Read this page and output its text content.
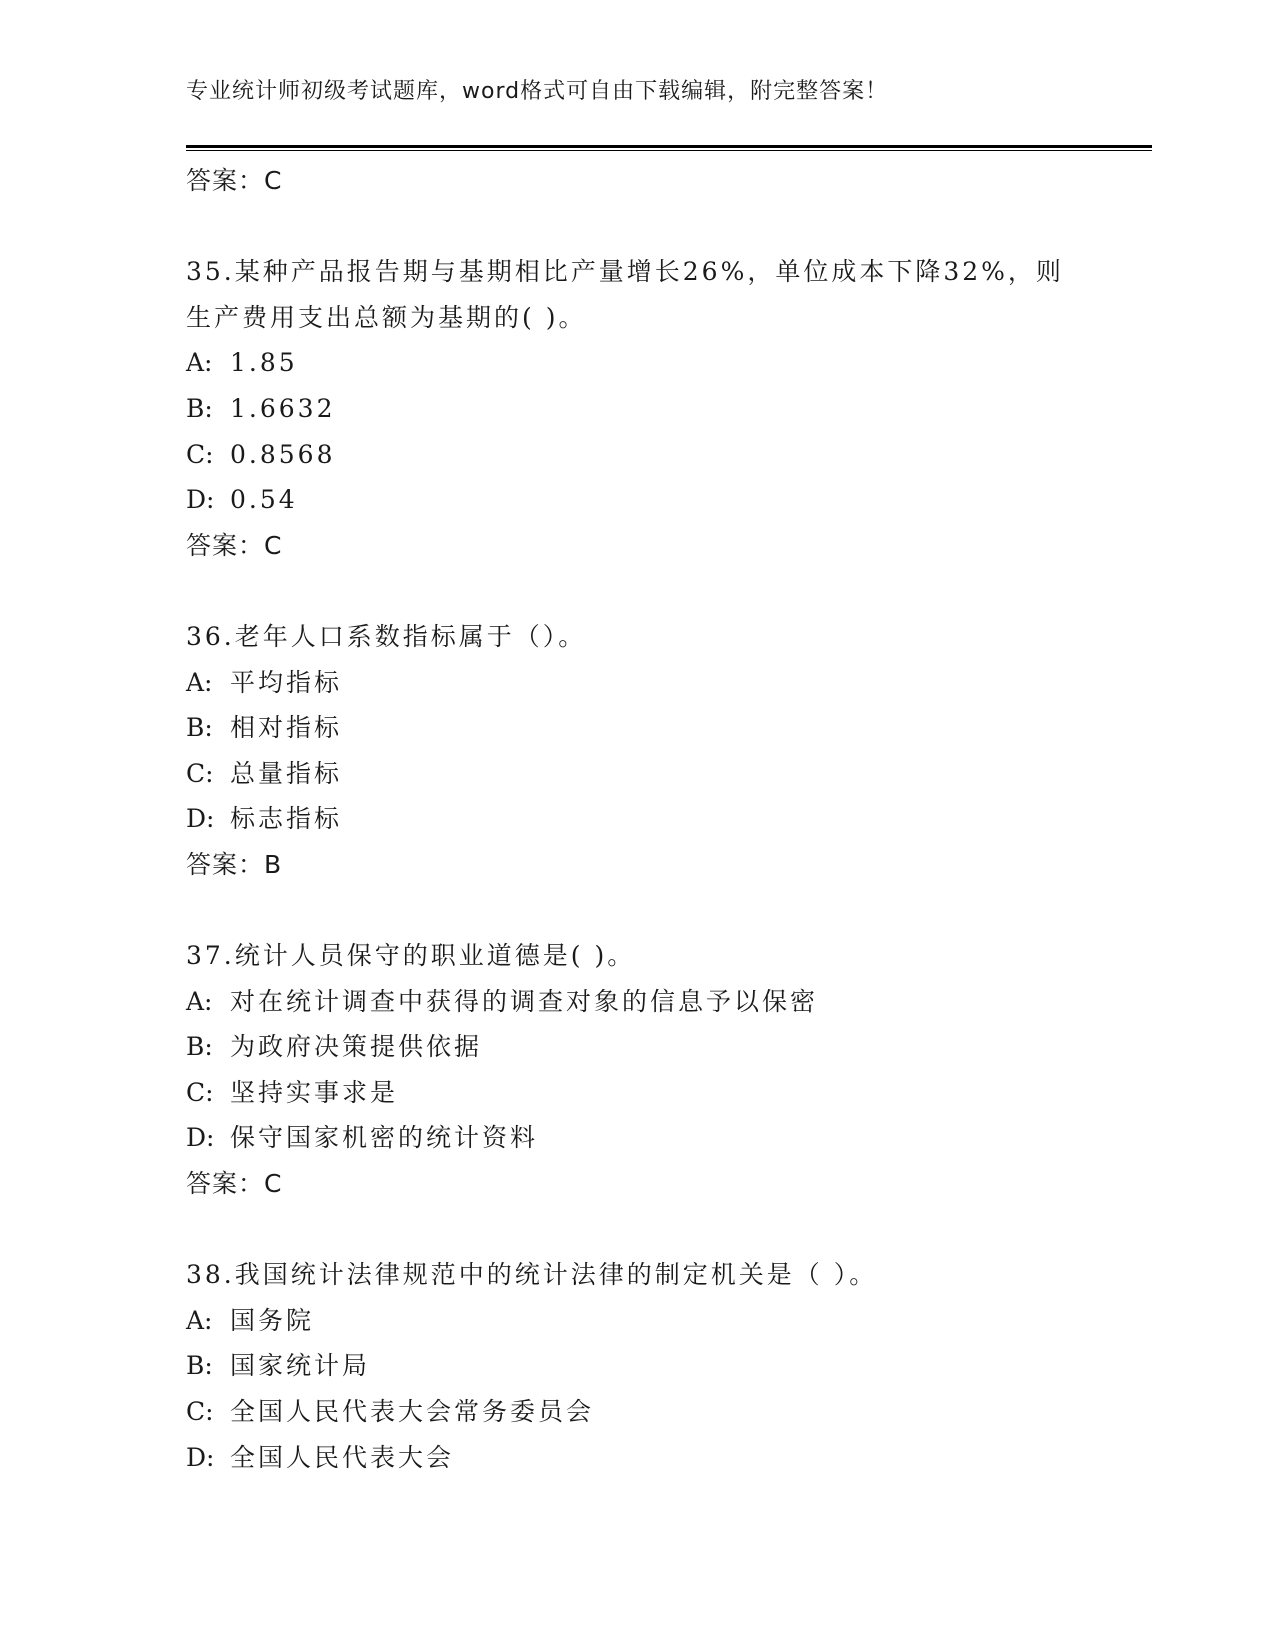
专业统计师初级考试题库，word格式可自由下载编辑，附完整答案！
答案：C
35.某种产品报告期与基期相比产量增长26%，单位成本下降32%，则
生产费用支出总额为基期的( )。
A: 1.85
B: 1.6632
C: 0.8568
D: 0.54
答案：C
36.老年人口系数指标属于（）。
A: 平均指标
B: 相对指标
C: 总量指标
D: 标志指标
答案：B
37.统计人员保守的职业道德是( )。
A: 对在统计调查中获得的调查对象的信息予以保密
B: 为政府决策提供依据
C: 坚持实事求是
D: 保守国家机密的统计资料
答案：C
38.我国统计法律规范中的统计法律的制定机关是（ ）。
A: 国务院
B: 国家统计局
C: 全国人民代表大会常务委员会
D: 全国人民代表大会
